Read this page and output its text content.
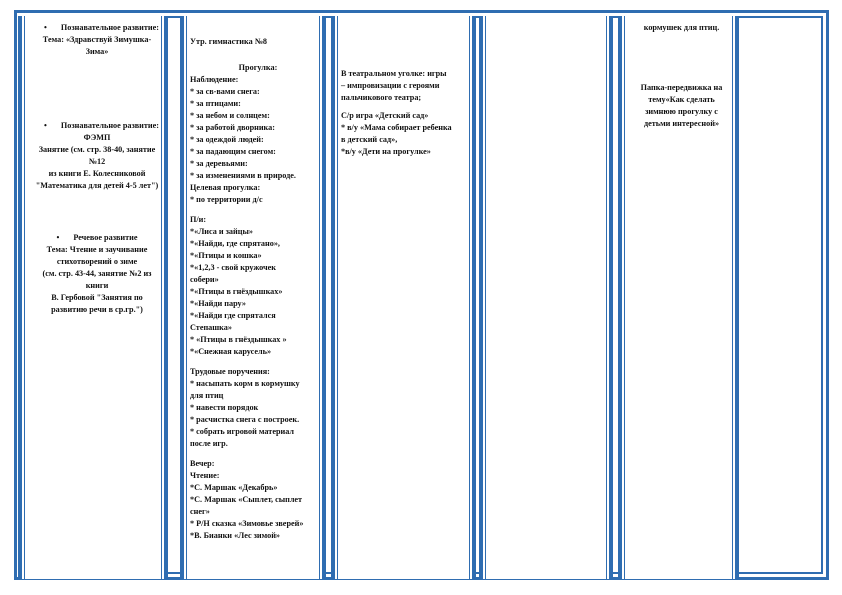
• Познавательное развитие:

Тема: «Здравствуй Зимушка-

Зима»

• Познавательное развитие:

ФЭМП

Занятие (см. стр. 38-40, занятие

№12

из книги Е. Колесниковой

"Математика для детей 4-5 лет")

• Речевое развитие

Тема: Чтение и заучивание

стихотворений о зиме

(см. стр. 43-44, занятие №2 из

книги

В. Гербовой "Занятия по

развитию речи в ср.гр.")

Утр. гимнастика №8

Прогулка:

Наблюдение:

* за св-вами снега:

* за птицами:

* за небом и солнцем:

* за работой дворника:

* за одеждой людей:

* за падающим снегом:

* за деревьями:

* за изменениями в природе.

Целевая прогулка:

* по территории д/с

П/и:

*«Лиса и зайцы»

*«Найди, где спрятано»,

*«Птицы и кошка»

*«1,2,3 - свой кружочек

собери»

*«Птицы в гнёздышках»

*«Найди пару»

*«Найди где спрятался

Степашка»

* «Птицы в гнёздышках »

*«Снежная карусель»

Трудовые поручения:

* насыпать корм в кормушку

для птиц

* навести порядок

* расчистка снега с построек.

* собрать игровой материал

после игр.

Вечер:

Чтение:

*С. Маршак «Декабрь»

*С. Маршак «Сыплет, сыплет

снег»

* Р/Н сказка «Зимовье зверей»

*В. Бианки «Лес зимой»

В театральном уголке: игры

– импровизации с героями

пальчикового театра;

С/р игра «Детский сад»

* в/у «Мама собирает ребенка

в детский сад»,

*в/у «Дети на прогулке»

кормушек для птиц.

Папка-передвижка на

тему«Как сделать

зимнюю прогулку с

детьми интересной»
